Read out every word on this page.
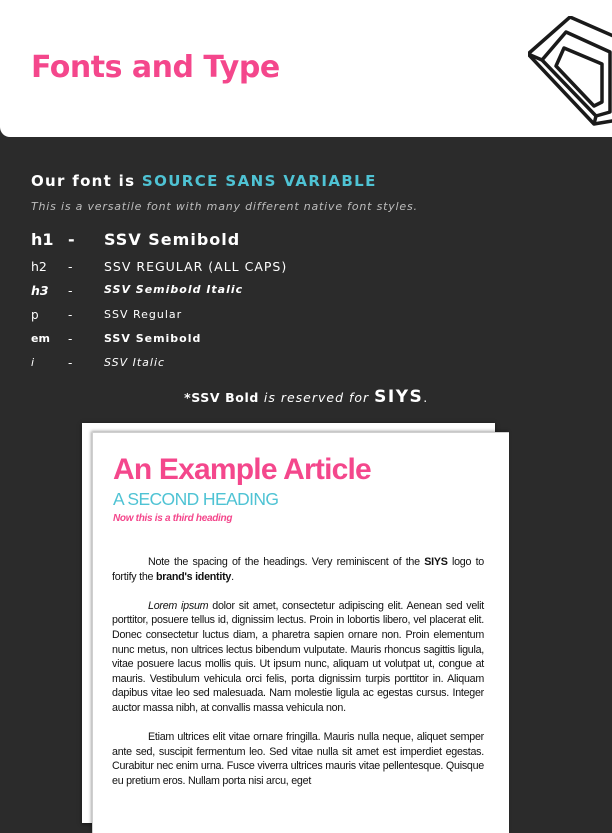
Fonts and Type
Our font is SOURCE SANS VARIABLE
This is a versatile font with many different native font styles.
h1 - SSV Semibold
h2 -	SSV REGULAR (ALL CAPS)
h3 -	SSV Semibold Italic
p -	SSV Regular
em -	SSV Semibold
i	-	SSV Italic
*SSV Bold is reserved for SIYS.
An Example Article
A SECOND HEADING
Now this is a third heading

Note the spacing of the headings. Very reminiscent of the SIYS logo to fortify the brand's identity.

Lorem ipsum dolor sit amet, consectetur adipiscing elit. Aenean sed velit porttitor, posuere tellus id, dignissim lectus. Proin in lobortis libero, vel placerat elit. Donec consectetur luctus diam, a pharetra sapien ornare non. Proin elementum nunc metus, non ultrices lectus bibendum vulputate. Mauris rhoncus sagittis ligula, vitae posuere lacus mollis quis. Ut ipsum nunc, aliquam ut volutpat ut, congue at mauris. Vestibulum vehicula orci felis, porta dignissim turpis porttitor in. Aliquam dapibus vitae leo sed malesuada. Nam molestie ligula ac egestas cursus. Integer auctor massa nibh, at convallis massa vehicula non.

Etiam ultrices elit vitae ornare fringilla. Mauris nulla neque, aliquet semper ante sed, suscipit fermentum leo. Sed vitae nulla sit amet est imperdiet egestas. Curabitur nec enim urna. Fusce viverra ultrices mauris vitae pellentesque. Quisque eu pretium eros. Nullam porta nisi arcu, eget
